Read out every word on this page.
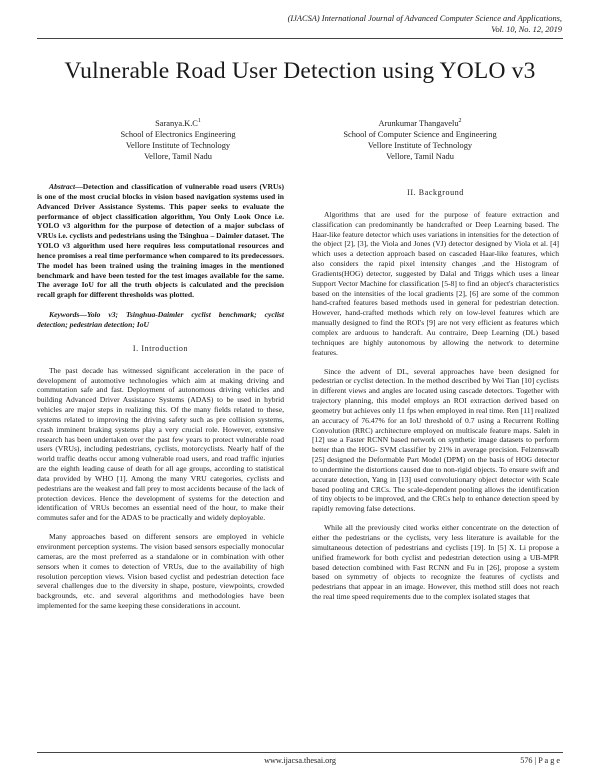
(IJACSA) International Journal of Advanced Computer Science and Applications,
Vol. 10, No. 12, 2019
Vulnerable Road User Detection using YOLO v3
$Saranya.K.C^1$
School of Electronics Engineering
Vellore Institute of Technology
Vellore, Tamil Nadu
Arunkumar Thangavelu$^2$
School of Computer Science and Engineering
Vellore Institute of Technology
Vellore, Tamil Nadu

Abstract—Detection and classification of vulnerable road users (VRUs) is one of the most crucial blocks in vision based navigation systems used in Advanced Driver Assistance Systems. This paper seeks to evaluate the performance of object classification algorithm, You Only Look Once i.e. YOLO v3 algorithm for the purpose of detection of a major subclass of VRUs i.e. cyclists and pedestrians using the Tsinghua – Daimler dataset. The YOLO v3 algorithm used here requires less computational resources and hence promises a real time performance when compared to its predecessors. The model has been trained using the training images in the mentioned benchmark and have been tested for the test images available for the same. The average IoU for all the truth objects is calculated and the precision recall graph for different thresholds was plotted.

Keywords—Yolo v3; Tsinghua-Daimler cyclist benchmark; cyclist detection; pedestrian detection; IoU

I. Introduction

The past decade has witnessed significant acceleration in the pace of development of automotive technologies which aim at making driving and commutation safe and fast. Deployment of autonomous driving vehicles and building Advanced Driver Assistance Systems (ADAS) to be used in hybrid vehicles are major steps in realizing this. Of the many fields related to these, systems related to improving the driving safety such as pre collision systems, crash imminent braking systems play a very crucial role. However, extensive research has been undertaken over the past few years to protect vulnerable road users (VRUs), including pedestrians, cyclists, motorcyclists. Nearly half of the world traffic deaths occur among vulnerable road users, and road traffic injuries are the eighth leading cause of death for all age groups, according to statistical data provided by WHO [1]. Among the many VRU categories, cyclists and pedestrians are the weakest and fall prey to most accidents because of the lack of protection devices. Hence the development of systems for the detection and identification of VRUs becomes an essential need of the hour, to make their commutes safer and for the ADAS to be practically and widely deployable.

Many approaches based on different sensors are employed in vehicle environment perception systems. The vision based sensors especially monocular cameras, are the most preferred as a standalone or in combination with other sensors when it comes to detection of VRUs, due to the availability of high resolution perception views. Vision based cyclist and pedestrian detection face several challenges due to the diversity in shape, posture, viewpoints, crowded backgrounds, etc. and several algorithms and methodologies have been implemented for the same keeping these considerations in account.

II. Background

Algorithms that are used for the purpose of feature extraction and classification can predominantly be handcrafted or Deep Learning based. The Haar-like feature detector which uses variations in intensities for the detection of the object [2], [3], the Viola and Jones (VJ) detector designed by Viola et al. [4] which uses a detection approach based on cascaded Haar-like features, which also considers the rapid pixel intensity changes ,and the Histogram of Gradients(HOG) detector, suggested by Dalal and Triggs which uses a linear Support Vector Machine for classification [5-8] to find an object's characteristics based on the intensities of the local gradients [2], [6] are some of the common hand-crafted features based methods used in general for pedestrian detection. However, hand-crafted methods which rely on low-level features which are manually designed to find the ROI's [9] are not very efficient as features which complex are arduous to handcraft. Au contraire, Deep Learning (DL) based techniques are highly autonomous by allowing the network to determine features.

Since the advent of DL, several approaches have been designed for pedestrian or cyclist detection. In the method described by Wei Tian [10] cyclists in different views and angles are located using cascade detectors. Together with trajectory planning, this model employs an ROI extraction derived based on geometry but achieves only 11 fps when employed in real time. Ren [11] realized an accuracy of 76.47% for an IoU threshold of 0.7 using a Recurrent Rolling Convolution (RRC) architecture employed on multiscale feature maps. Saleh in [12] use a Faster RCNN based network on synthetic image datasets to perform better than the HOG- SVM classifier by 21% in average precision. Felzenswalb [25] designed the Deformable Part Model (DPM) on the basis of HOG detector to undermine the distortions caused due to non-rigid objects. To ensure swift and accurate detection, Yang in [13] used convolutionary object detector with Scale based pooling and CRCs. The scale-dependent pooling allows the identification of tiny objects to be improved, and the CRCs help to enhance detection speed by rapidly removing false detections.

While all the previously cited works either concentrate on the detection of either the pedestrians or the cyclists, very less literature is available for the simultaneous detection of pedestrians and cyclists [19]. In [5] X. Li propose a unified framework for both cyclist and pedestrian detection using a UB-MPR based detection combined with Fast RCNN and Fu in [26], propose a system based on symmetry of objects to recognize the features of cyclists and pedestrians that appear in an image. However, this method still does not reach the real time speed requirements due to the complex isolated stages that

www.ijacsa.thesai.org	576 | P a g e
